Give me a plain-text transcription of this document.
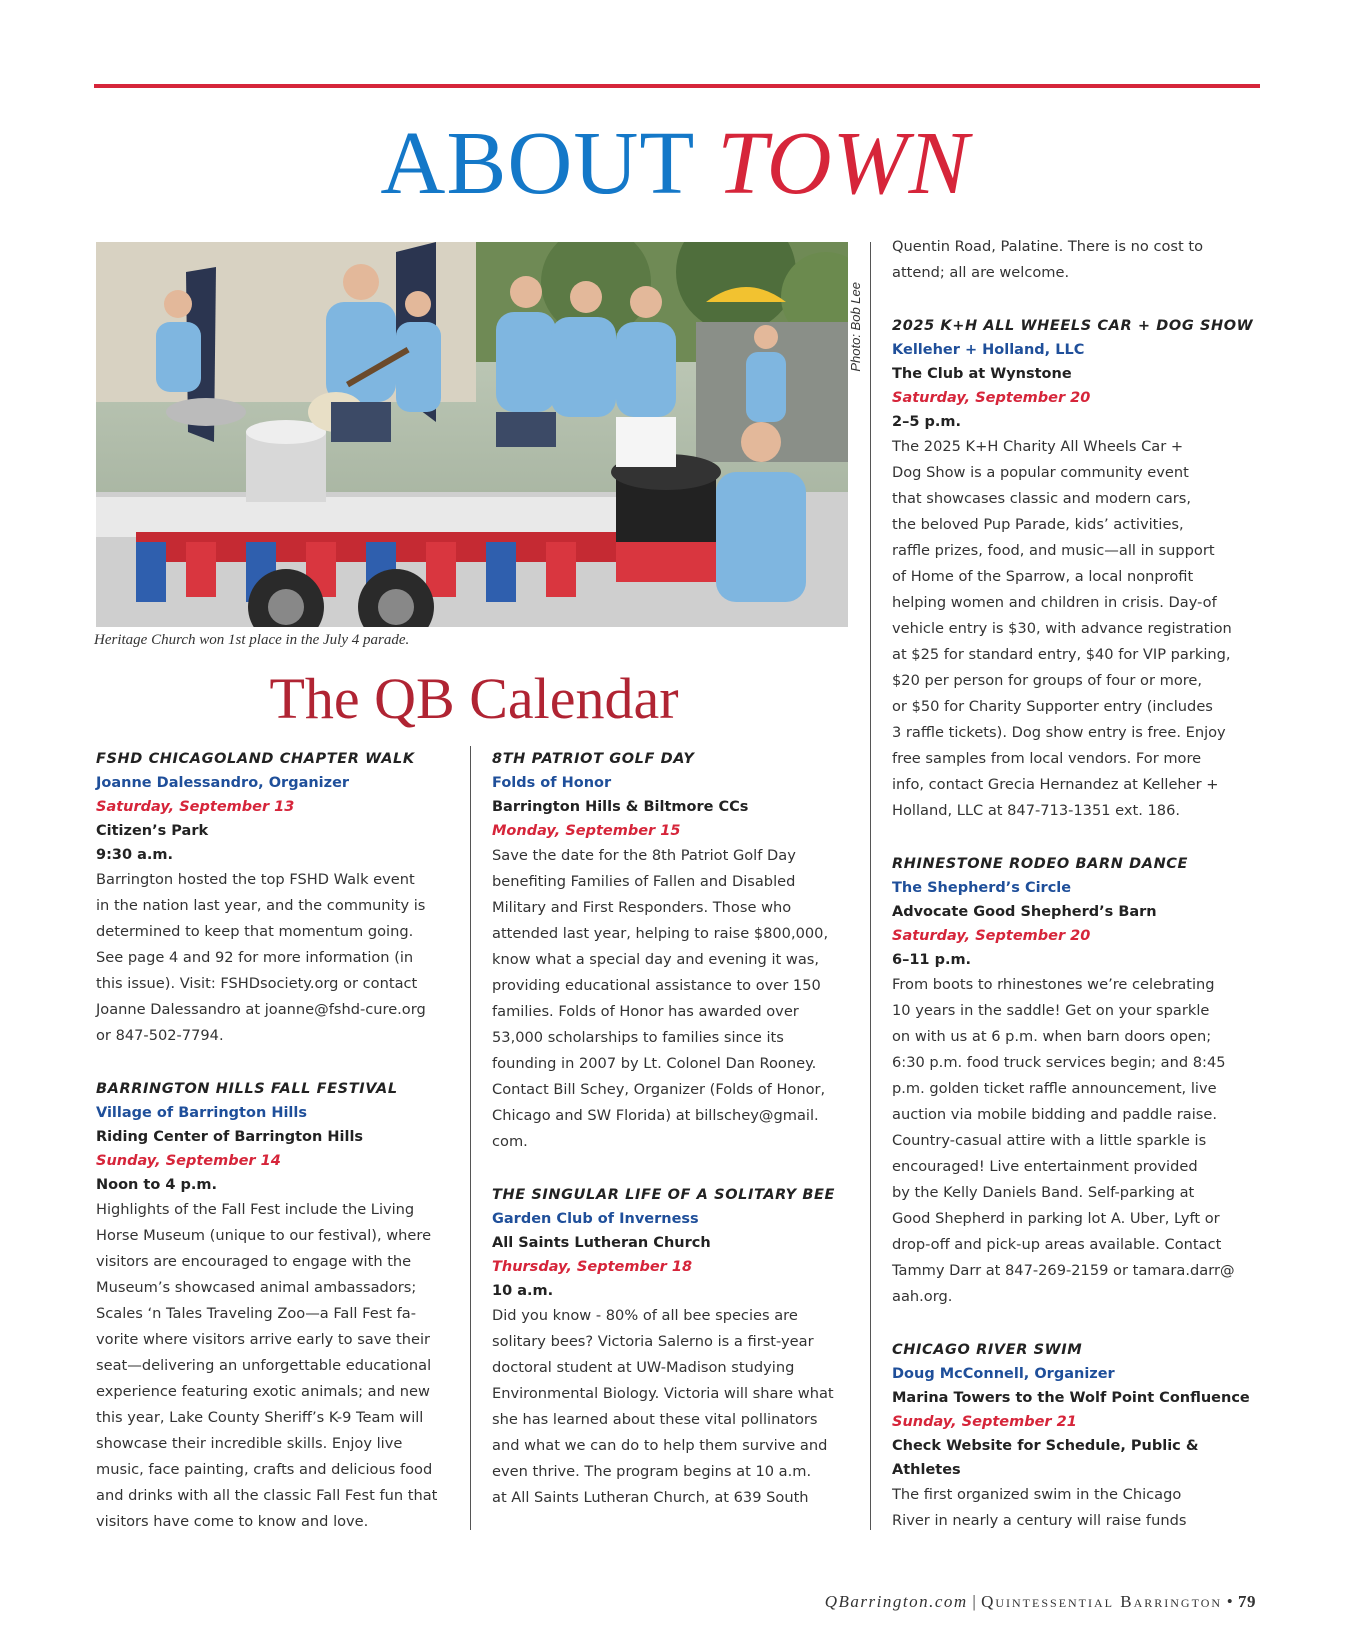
ABOUT TOWN
Photo: Bob Lee
Heritage Church won 1st place in the July 4 parade.
The QB Calendar

FSHD CHICAGOLAND CHAPTER WALK

Joanne Dalessandro, Organizer

Saturday, September 13

Citizen’s Park

9:30 a.m.

Barrington hosted the top FSHD Walk event
in the nation last year, and the community is
determined to keep that momentum going.
See page 4 and 92 for more information (in
this issue). Visit: FSHDsociety.org or contact
Joanne Dalessandro at joanne@fshd-cure.org
or 847-502-7794.

BARRINGTON HILLS FALL FESTIVAL

Village of Barrington Hills

Riding Center of Barrington Hills

Sunday, September 14

Noon to 4 p.m.

Highlights of the Fall Fest include the Living
Horse Museum (unique to our festival), where
visitors are encouraged to engage with the
Museum’s showcased animal ambassadors;
Scales ‘n Tales Traveling Zoo—a Fall Fest fa-
vorite where visitors arrive early to save their
seat—delivering an unforgettable educational
experience featuring exotic animals; and new
this year, Lake County Sheriff’s K-9 Team will
showcase their incredible skills. Enjoy live
music, face painting, crafts and delicious food
and drinks with all the classic Fall Fest fun that
visitors have come to know and love.

8TH PATRIOT GOLF DAY

Folds of Honor

Barrington Hills & Biltmore CCs

Monday, September 15

Save the date for the 8th Patriot Golf Day
benefiting Families of Fallen and Disabled
Military and First Responders. Those who
attended last year, helping to raise $800,000,
know what a special day and evening it was,
providing educational assistance to over 150
families. Folds of Honor has awarded over
53,000 scholarships to families since its
founding in 2007 by Lt. Colonel Dan Rooney.
Contact Bill Schey, Organizer (Folds of Honor,
Chicago and SW Florida) at billschey@gmail.
com.

THE SINGULAR LIFE OF A SOLITARY BEE

Garden Club of Inverness

All Saints Lutheran Church

Thursday, September 18

10 a.m.

Did you know - 80% of all bee species are
solitary bees? Victoria Salerno is a first-year
doctoral student at UW-Madison studying
Environmental Biology. Victoria will share what
she has learned about these vital pollinators
and what we can do to help them survive and
even thrive. The program begins at 10 a.m.
at All Saints Lutheran Church, at 639 South

Quentin Road, Palatine. There is no cost to
attend; all are welcome.

2025 K+H ALL WHEELS CAR + DOG SHOW

Kelleher + Holland, LLC

The Club at Wynstone

Saturday, September 20

2–5 p.m.

The 2025 K+H Charity All Wheels Car +
Dog Show is a popular community event
that showcases classic and modern cars,
the beloved Pup Parade, kids’ activities,
raffle prizes, food, and music—all in support
of Home of the Sparrow, a local nonprofit
helping women and children in crisis. Day-of
vehicle entry is $30, with advance registration
at $25 for standard entry, $40 for VIP parking,
$20 per person for groups of four or more,
or $50 for Charity Supporter entry (includes
3 raffle tickets). Dog show entry is free. Enjoy
free samples from local vendors. For more
info, contact Grecia Hernandez at Kelleher +
Holland, LLC at 847-713-1351 ext. 186.

RHINESTONE RODEO BARN DANCE

The Shepherd’s Circle

Advocate Good Shepherd’s Barn

Saturday, September 20

6–11 p.m.

From boots to rhinestones we’re celebrating
10 years in the saddle! Get on your sparkle
on with us at 6 p.m. when barn doors open;
6:30 p.m. food truck services begin; and 8:45
p.m. golden ticket raffle announcement, live
auction via mobile bidding and paddle raise.
Country-casual attire with a little sparkle is
encouraged! Live entertainment provided
by the Kelly Daniels Band. Self-parking at
Good Shepherd in parking lot A. Uber, Lyft or
drop-off and pick-up areas available. Contact
Tammy Darr at 847-269-2159 or tamara.darr@
aah.org.

CHICAGO RIVER SWIM

Doug McConnell, Organizer

Marina Towers to the Wolf Point Confluence

Sunday, September 21

Check Website for Schedule, Public & Athletes

The first organized swim in the Chicago
River in nearly a century will raise funds

QBarrington.com | Quintessential Barrington • 79
